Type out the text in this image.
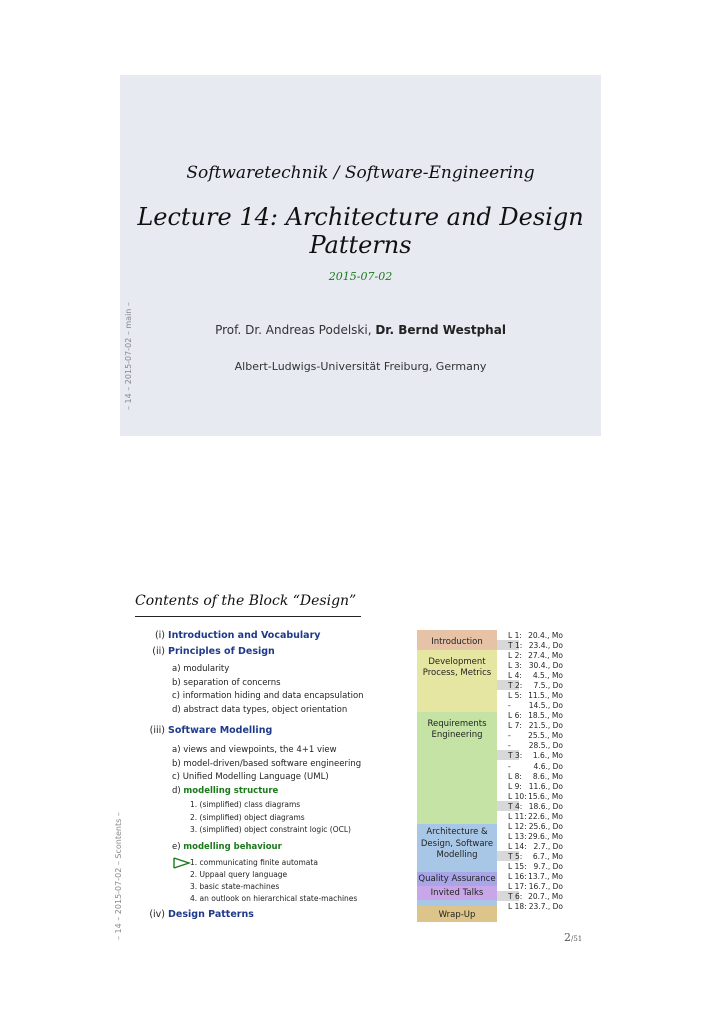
– 14 – 2015-07-02 – main –
Softwaretechnik / Software-Engineering
Lecture 14: Architecture and Design Patterns
2015-07-02
Prof. Dr. Andreas Podelski, Dr. Bernd Westphal
Albert-Ludwigs-Universität Freiburg, Germany
– 14 – 2015-07-02 – Scontents –
Contents of the Block “Design”
(i) Introduction and Vocabulary
(ii) Principles of Design
a) modularity
b) separation of concerns
c) information hiding and data encapsulation
d) abstract data types, object orientation
(iii) Software Modelling
a) views and viewpoints, the 4+1 view
b) model-driven/based software engineering
c) Unified Modelling Language (UML)
d) modelling structure
1. (simplified) class diagrams
2. (simplified) object diagrams
3. (simplified) object constraint logic (OCL)
e) modelling behaviour
1. communicating finite automata
2. Uppaal query language
3. basic state-machines
4. an outlook on hierarchical state-machines
(iv) Design Patterns
Introduction
Development
Process, Metrics
Requirements
Engineering
Architecture &
Design, Software
Modelling
Quality Assurance
Invited Talks
Wrap-Up
L 1: 20.4., Mo
T 1: 23.4., Do
L 2: 27.4., Mo
L 3: 30.4., Do
L 4:	4.5., Mo
T 2:	7.5., Do
L 5: 11.5., Mo
-	14.5., Do
L 6: 18.5., Mo
L 7: 21.5., Do
-	25.5., Mo
-	28.5., Do
T 3:	1.6., Mo
-	4.6., Do
L 8:	8.6., Mo
L 9: 11.6., Do
L 10: 15.6., Mo
T 4: 18.6., Do
L 11: 22.6., Mo
L 12: 25.6., Do
L 13: 29.6., Mo
L 14: 2.7., Do
T 5:	6.7., Mo
L 15: 9.7., Do
L 16: 13.7., Mo
L 17: 16.7., Do
T 6: 20.7., Mo
L 18: 23.7., Do
2/51
